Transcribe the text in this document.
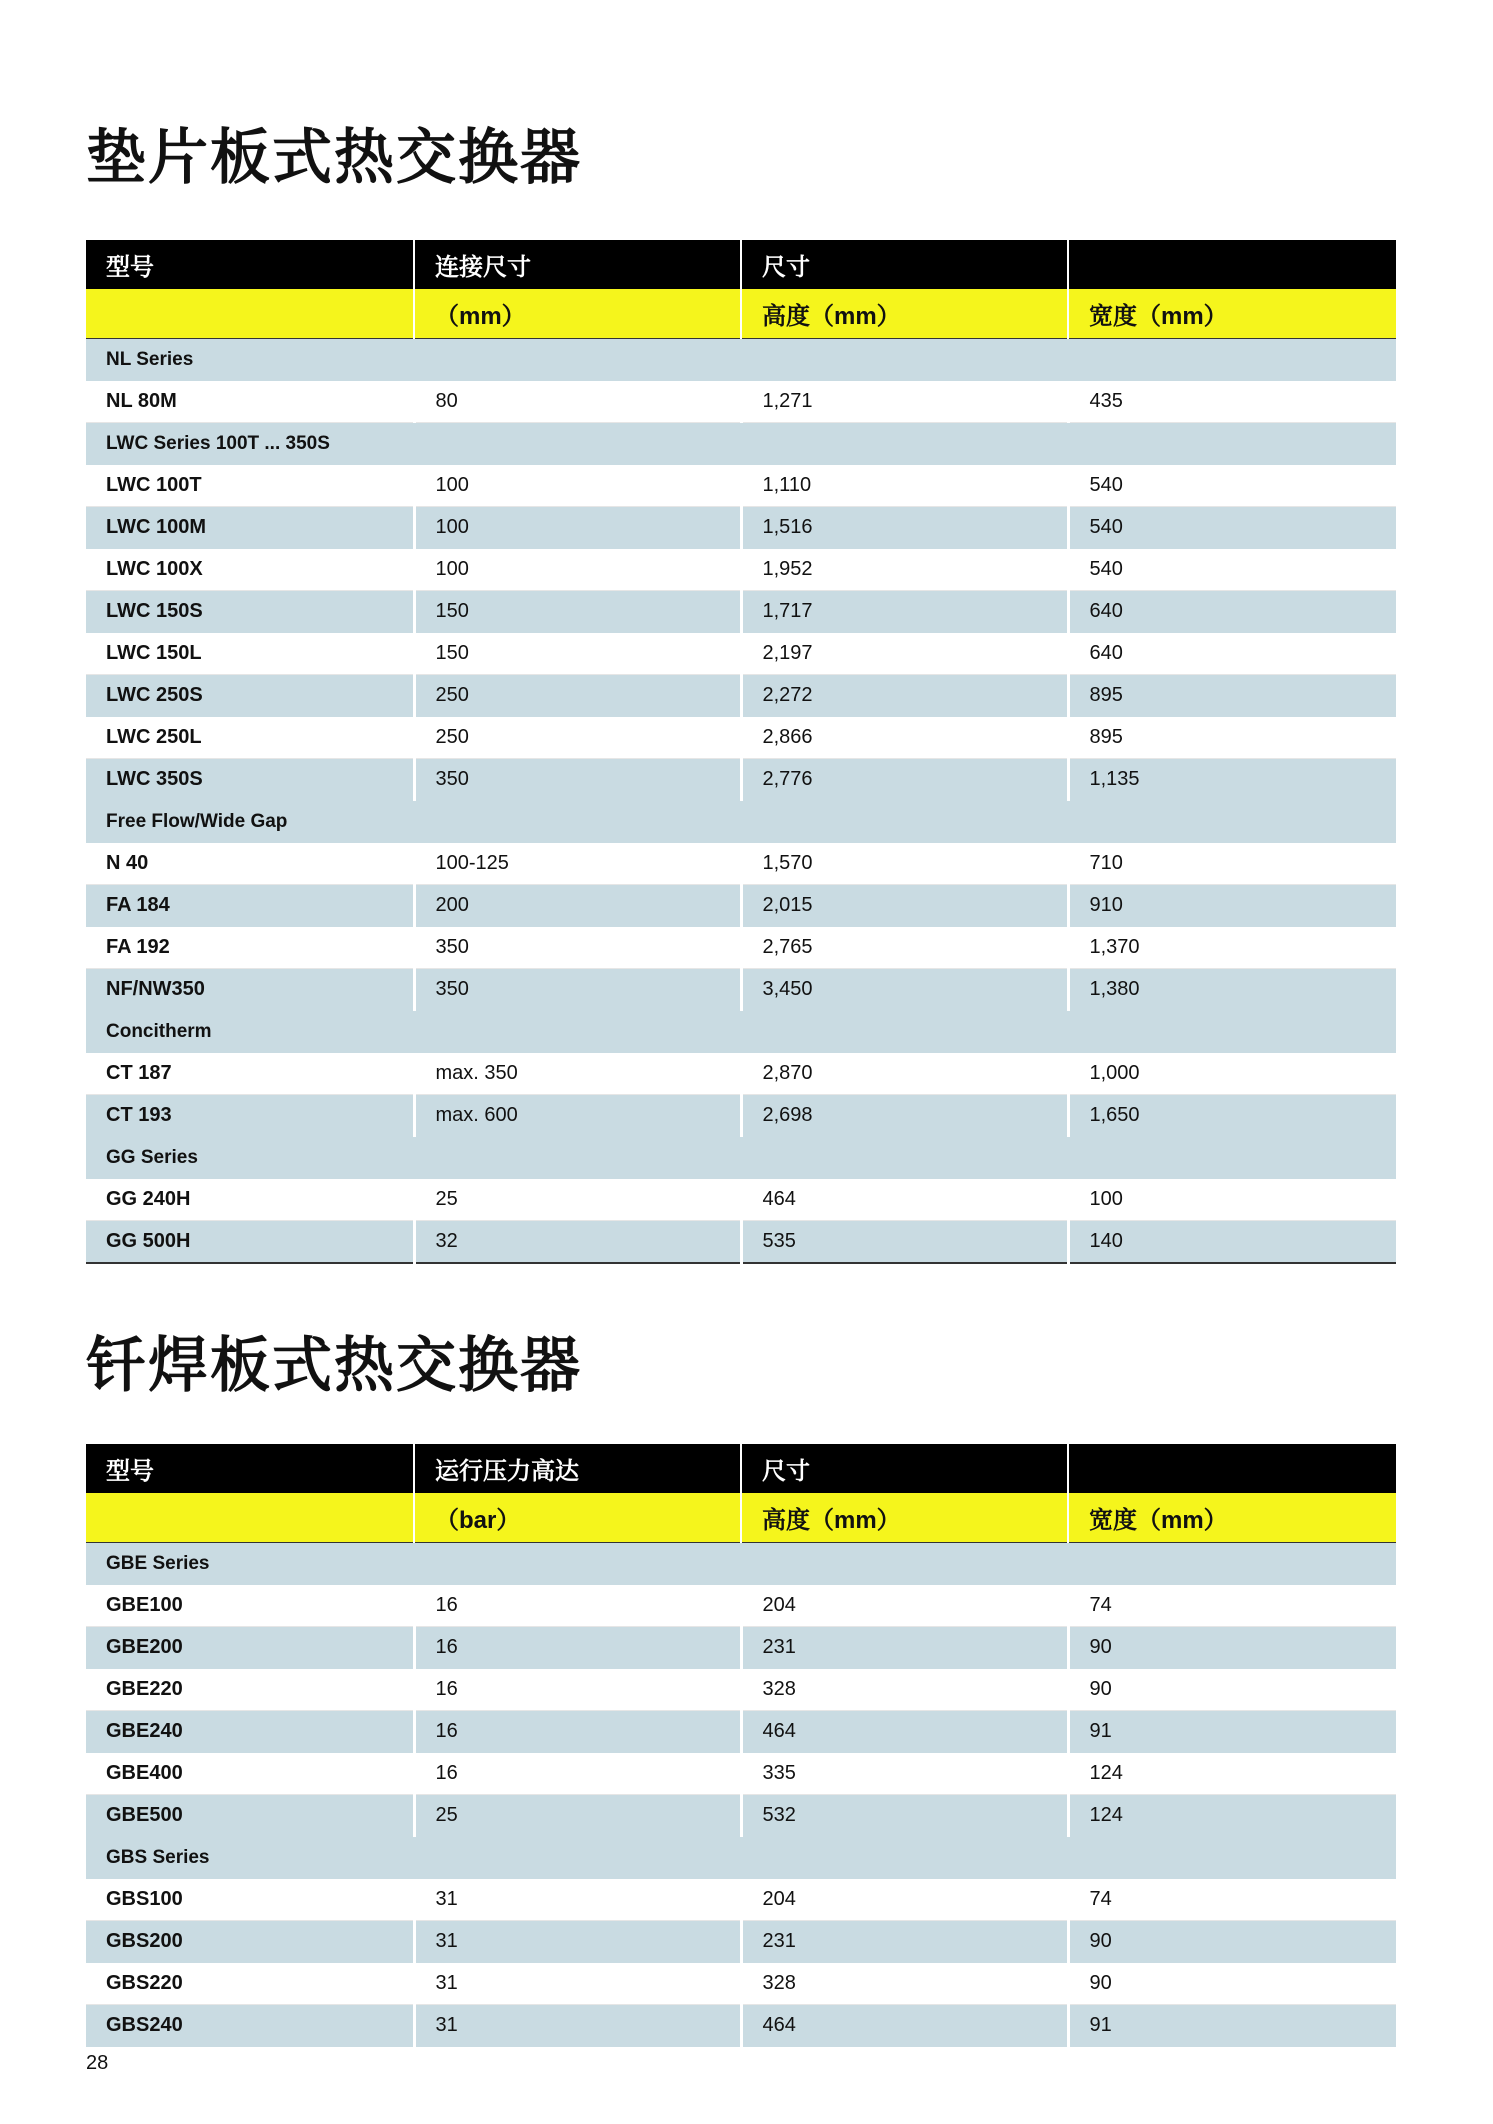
垫片板式热交换器
型号	连接尺寸	尺寸	
	（mm）	高度（mm）	宽度（mm）
NL Series			
NL 80M	80	1,271	435
LWC Series 100T ... 350S			
LWC 100T	100	1,110	540
LWC 100M	100	1,516	540
LWC 100X	100	1,952	540
LWC 150S	150	1,717	640
LWC 150L	150	2,197	640
LWC 250S	250	2,272	895
LWC 250L	250	2,866	895
LWC 350S	350	2,776	1,135
Free Flow/Wide Gap			
N 40	100-125	1,570	710
FA 184	200	2,015	910
FA 192	350	2,765	1,370
NF/NW350	350	3,450	1,380
Concitherm			
CT 187	max. 350	2,870	1,000
CT 193	max. 600	2,698	1,650
GG Series			
GG 240H	25	464	100
GG 500H	32	535	140
钎焊板式热交换器
型号	运行压力高达	尺寸	
	（bar）	高度（mm）	宽度（mm）
GBE Series			
GBE100	16	204	74
GBE200	16	231	90
GBE220	16	328	90
GBE240	16	464	91
GBE400	16	335	124
GBE500	25	532	124
GBS Series			
GBS100	31	204	74
GBS200	31	231	90
GBS220	31	328	90
GBS240	31	464	91
28
